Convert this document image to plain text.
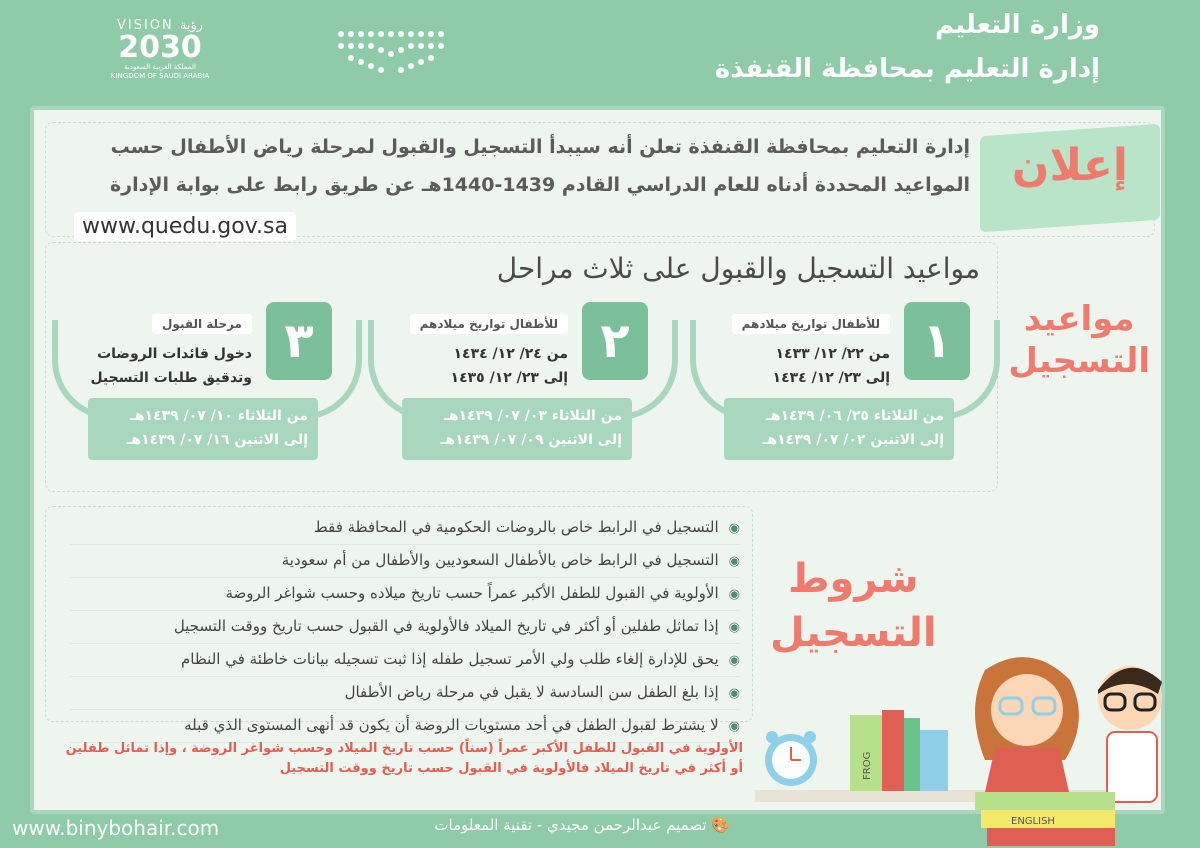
وزارة التعليم
إدارة التعليم بمحافظة القنفذة
VISION رؤية
2030
المملكة العربية السعودية
KINGDOM OF SAUDI ARABIA
إعلان
إدارة التعليم بمحافظة القنفذة تعلن أنه سيبدأ التسجيل والقبول لمرحلة رياض الأطفال حسب المواعيد المحددة أدناه للعام الدراسي القادم 1439-1440هـ عن طريق رابط على بوابة الإدارة
www.quedu.gov.sa
مواعيد التسجيل والقبول على ثلاث مراحل
مواعيد
التسجيل
١
للأطفال تواريخ ميلادهم
من ٢٢/ ١٢/ ١٤٣٣
إلى ٢٣/ ١٢/ ١٤٣٤
من الثلاثاء ٢٥/ ٠٦/ ١٤٣٩هـ
إلى الاثنين ٠٢/ ٠٧/ ١٤٣٩هـ
٢
للأطفال تواريخ ميلادهم
من ٢٤/ ١٢/ ١٤٣٤
إلى ٢٣/ ١٢/ ١٤٣٥
من الثلاثاء ٠٣/ ٠٧/ ١٤٣٩هـ
إلى الاثنين ٠٩/ ٠٧/ ١٤٣٩هـ
٣
مرحلة القبول
دخول قائدات الروضات
وتدقيق طلبات التسجيل
من الثلاثاء ١٠/ ٠٧/ ١٤٣٩هـ
إلى الاثنين ١٦/ ٠٧/ ١٤٣٩هـ
◉التسجيل في الرابط خاص بالروضات الحكومية في المحافظة فقط
◉التسجيل في الرابط خاص بالأطفال السعوديين والأطفال من أم سعودية
◉الأولوية في القبول للطفل الأكبر عمراً حسب تاريخ ميلاده وحسب شواغر الروضة
◉إذا تماثل طفلين أو أكثر في تاريخ الميلاد فالأولوية في القبول حسب تاريخ ووقت التسجيل
◉يحق للإدارة إلغاء طلب ولي الأمر تسجيل طفله إذا ثبت تسجيله بيانات خاطئة في النظام
◉إذا بلغ الطفل سن السادسة لا يقبل في مرحلة رياض الأطفال
◉لا يشترط لقبول الطفل في أحد مستويات الروضة أن يكون قد أنهى المستوى الذي قبله
شروط
التسجيل
الأولوية في القبول للطفل الأكبر عمراً (سناً) حسب تاريخ الميلاد وحسب شواغر الروضة ، وإذا تماثل طفلين أو أكثر في تاريخ الميلاد فالأولوية في القبول حسب تاريخ ووقت التسجيل	FROG
ENGLISH
🎨 تصميم عبدالرحمن مجيدي - تقنية المعلومات
www.binybohair.com
